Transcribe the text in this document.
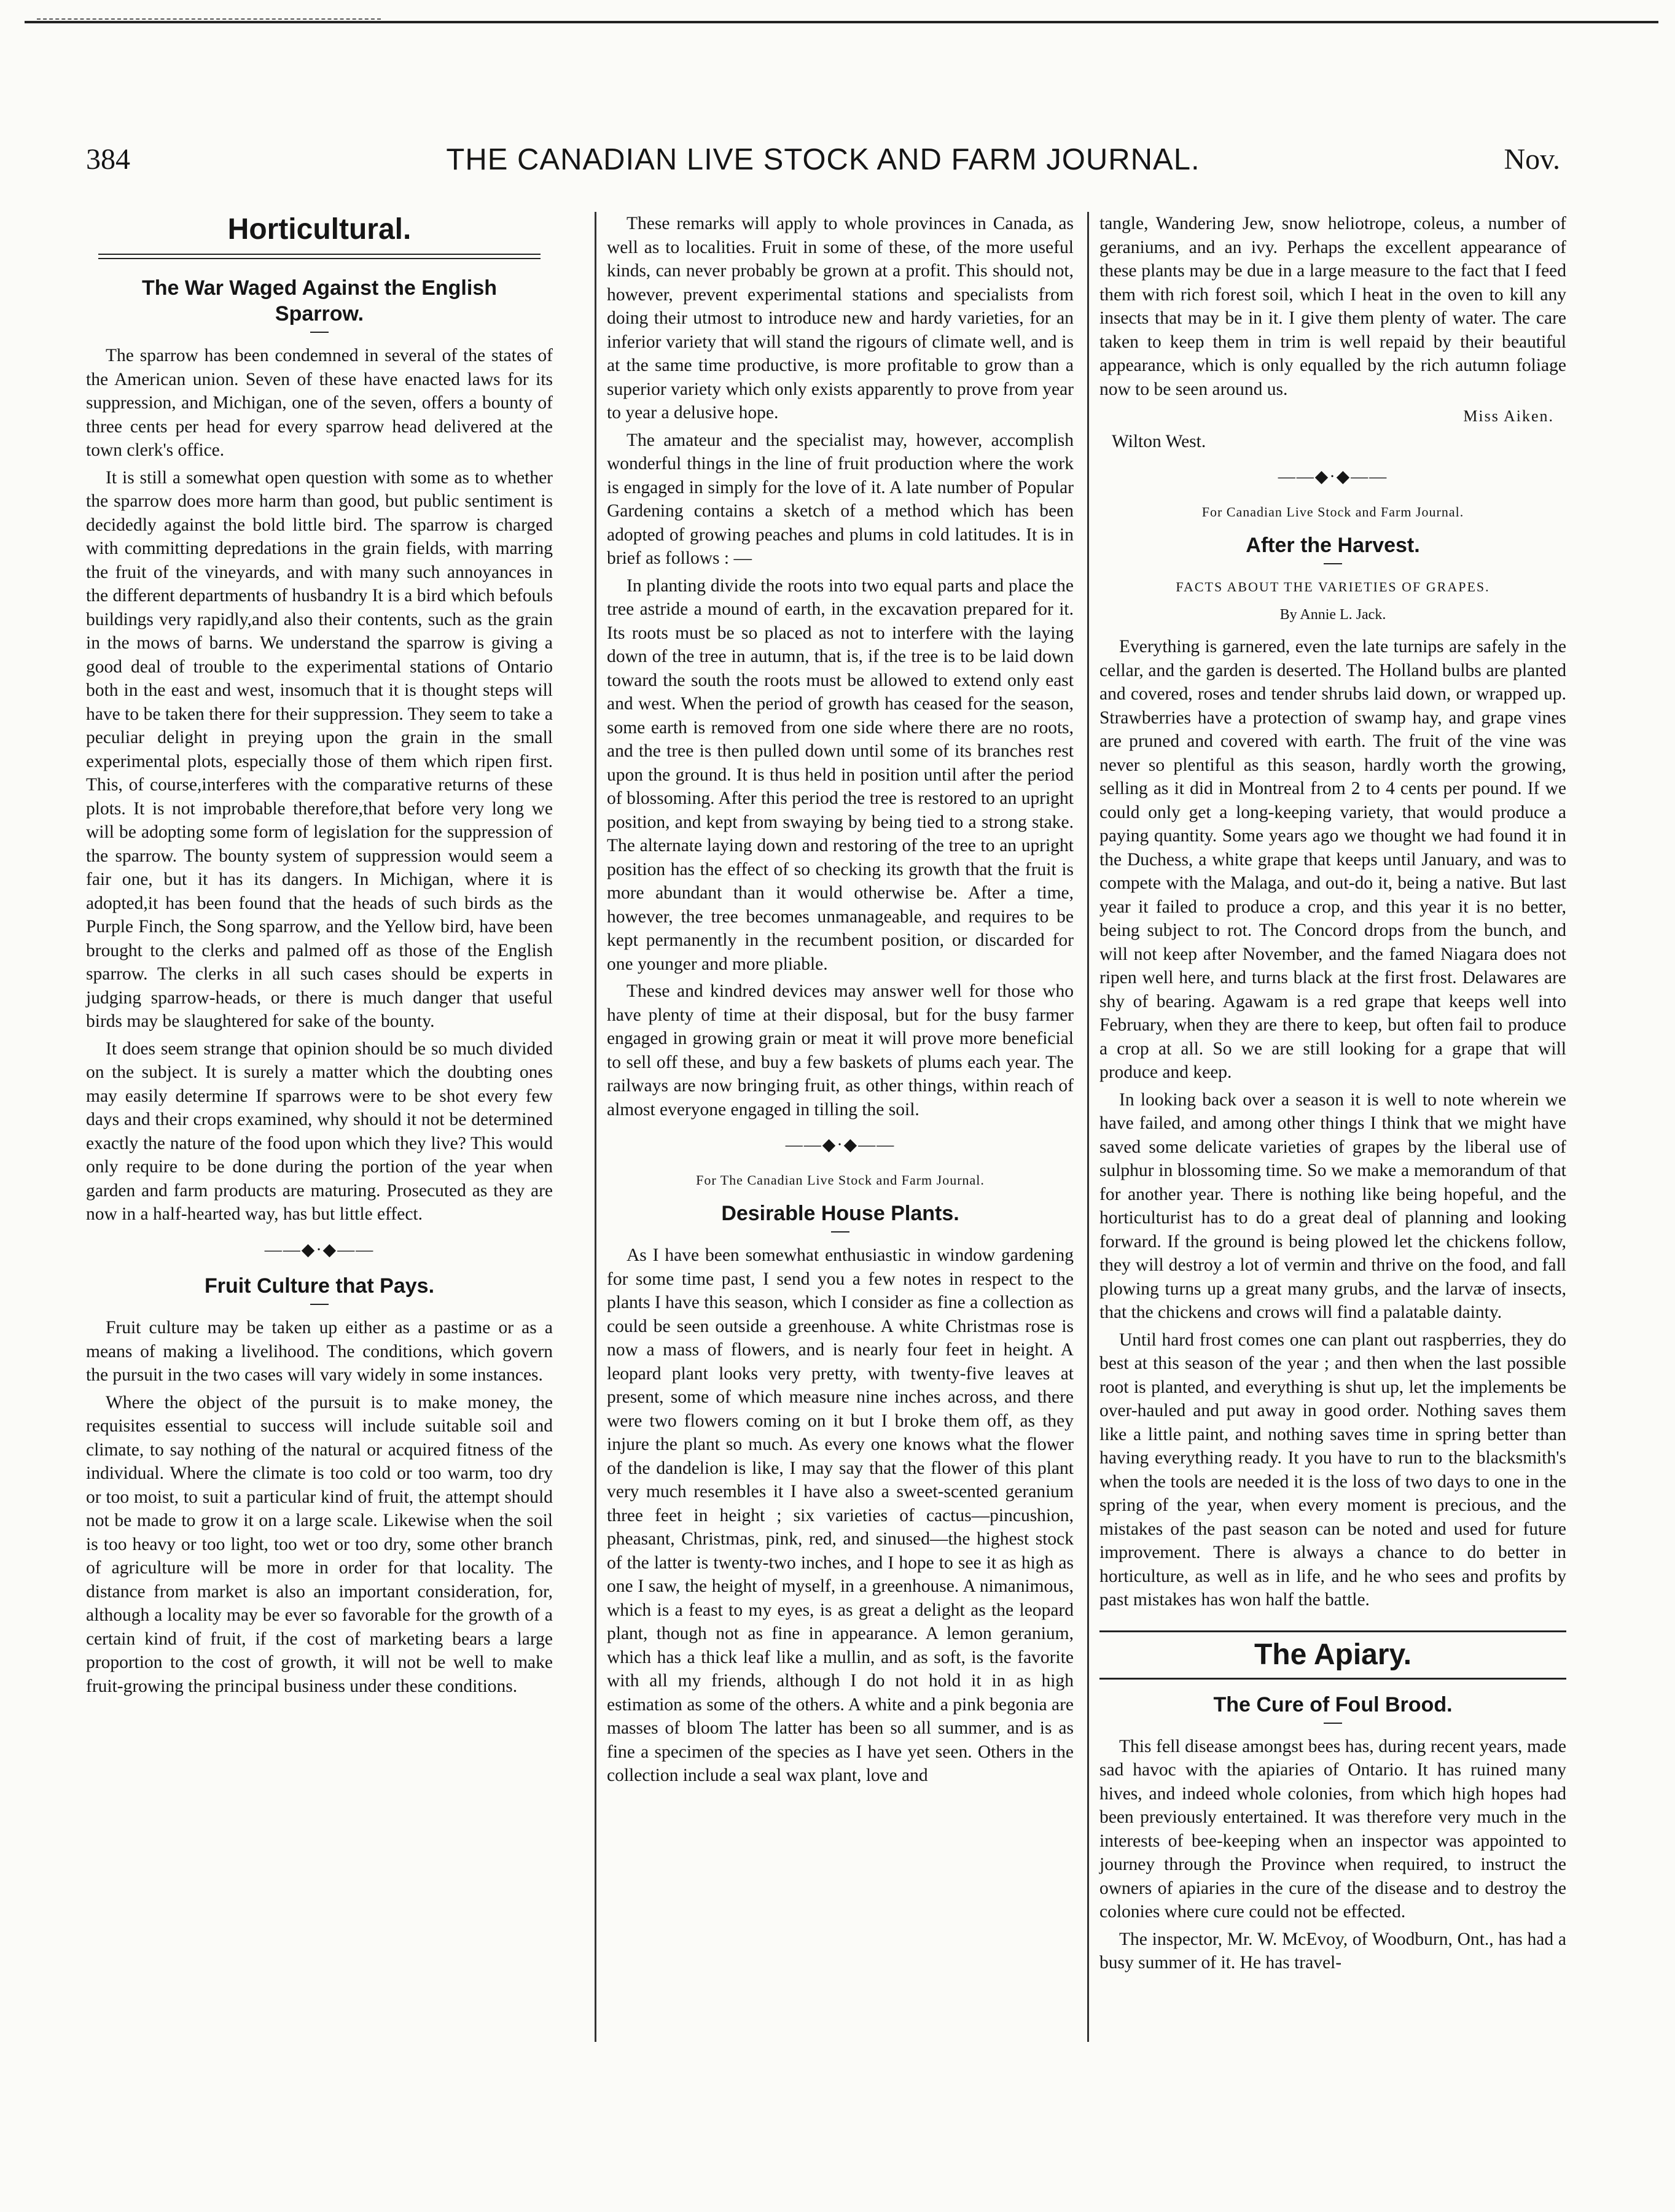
384	THE CANADIAN LIVE STOCK AND FARM JOURNAL.	Nov.
Horticultural.
The War Waged Against the English Sparrow.

The sparrow has been condemned in several of the states of the American union. Seven of these have enacted laws for its suppression, and Michigan, one of the seven, offers a bounty of three cents per head for every sparrow head delivered at the town clerk's office.

It is still a somewhat open question with some as to whether the sparrow does more harm than good, but public sentiment is decidedly against the bold little bird. The sparrow is charged with committing depredations in the grain fields, with marring the fruit of the vineyards, and with many such annoyances in the different departments of husbandry It is a bird which befouls buildings very rapidly,and also their contents, such as the grain in the mows of barns. We understand the sparrow is giving a good deal of trouble to the experimental stations of Ontario both in the east and west, insomuch that it is thought steps will have to be taken there for their suppression. They seem to take a peculiar delight in preying upon the grain in the small experimental plots, especially those of them which ripen first. This, of course,interferes with the comparative returns of these plots. It is not improbable therefore,that before very long we will be adopting some form of legislation for the suppression of the sparrow. The bounty system of suppression would seem a fair one, but it has its dangers. In Michigan, where it is adopted,it has been found that the heads of such birds as the Purple Finch, the Song sparrow, and the Yellow bird, have been brought to the clerks and palmed off as those of the English sparrow. The clerks in all such cases should be experts in judging sparrow-heads, or there is much danger that useful birds may be slaughtered for sake of the bounty.

It does seem strange that opinion should be so much divided on the subject. It is surely a matter which the doubting ones may easily determine If sparrows were to be shot every few days and their crops examined, why should it not be determined exactly the nature of the food upon which they live? This would only require to be done during the portion of the year when garden and farm products are maturing. Prosecuted as they are now in a half-hearted way, has but little effect.

——◆·◆——
Fruit Culture that Pays.

Fruit culture may be taken up either as a pastime or as a means of making a livelihood. The conditions, which govern the pursuit in the two cases will vary widely in some instances.

Where the object of the pursuit is to make money, the requisites essential to success will include suitable soil and climate, to say nothing of the natural or acquired fitness of the individual. Where the climate is too cold or too warm, too dry or too moist, to suit a particular kind of fruit, the attempt should not be made to grow it on a large scale. Likewise when the soil is too heavy or too light, too wet or too dry, some other branch of agriculture will be more in order for that locality. The distance from market is also an important consideration, for, although a locality may be ever so favorable for the growth of a certain kind of fruit, if the cost of marketing bears a large proportion to the cost of growth, it will not be well to make fruit-growing the principal business under these conditions.

These remarks will apply to whole provinces in Canada, as well as to localities. Fruit in some of these, of the more useful kinds, can never probably be grown at a profit. This should not, however, prevent experimental stations and specialists from doing their utmost to introduce new and hardy varieties, for an inferior variety that will stand the rigours of climate well, and is at the same time productive, is more profitable to grow than a superior variety which only exists apparently to prove from year to year a delusive hope.

The amateur and the specialist may, however, accomplish wonderful things in the line of fruit production where the work is engaged in simply for the love of it. A late number of Popular Gardening contains a sketch of a method which has been adopted of growing peaches and plums in cold latitudes. It is in brief as follows : —

In planting divide the roots into two equal parts and place the tree astride a mound of earth, in the excavation prepared for it. Its roots must be so placed as not to interfere with the laying down of the tree in autumn, that is, if the tree is to be laid down toward the south the roots must be allowed to extend only east and west. When the period of growth has ceased for the season, some earth is removed from one side where there are no roots, and the tree is then pulled down until some of its branches rest upon the ground. It is thus held in position until after the period of blossoming. After this period the tree is restored to an upright position, and kept from swaying by being tied to a strong stake. The alternate laying down and restoring of the tree to an upright position has the effect of so checking its growth that the fruit is more abundant than it would otherwise be. After a time, however, the tree becomes unmanageable, and requires to be kept permanently in the recumbent position, or discarded for one younger and more pliable.

These and kindred devices may answer well for those who have plenty of time at their disposal, but for the busy farmer engaged in growing grain or meat it will prove more beneficial to sell off these, and buy a few baskets of plums each year. The railways are now bringing fruit, as other things, within reach of almost everyone engaged in tilling the soil.

——◆·◆——
For The Canadian Live Stock and Farm Journal.
Desirable House Plants.

As I have been somewhat enthusiastic in window gardening for some time past, I send you a few notes in respect to the plants I have this season, which I consider as fine a collection as could be seen outside a greenhouse. A white Christmas rose is now a mass of flowers, and is nearly four feet in height. A leopard plant looks very pretty, with twenty-five leaves at present, some of which measure nine inches across, and there were two flowers coming on it but I broke them off, as they injure the plant so much. As every one knows what the flower of the dandelion is like, I may say that the flower of this plant very much resembles it I have also a sweet-scented geranium three feet in height ; six varieties of cactus—pincushion, pheasant, Christmas, pink, red, and sinused—the highest stock of the latter is twenty-two inches, and I hope to see it as high as one I saw, the height of myself, in a greenhouse. A nimanimous, which is a feast to my eyes, is as great a delight as the leopard plant, though not as fine in appearance. A lemon geranium, which has a thick leaf like a mullin, and as soft, is the favorite with all my friends, although I do not hold it in as high estimation as some of the others. A white and a pink begonia are masses of bloom The latter has been so all summer, and is as fine a specimen of the species as I have yet seen. Others in the collection include a seal wax plant, love and

tangle, Wandering Jew, snow heliotrope, coleus, a number of geraniums, and an ivy. Perhaps the excellent appearance of these plants may be due in a large measure to the fact that I feed them with rich forest soil, which I heat in the oven to kill any insects that may be in it. I give them plenty of water. The care taken to keep them in trim is well repaid by their beautiful appearance, which is only equalled by the rich autumn foliage now to be seen around us.

Miss Aiken.

Wilton West.

——◆·◆——
For Canadian Live Stock and Farm Journal.
After the Harvest.
FACTS ABOUT THE VARIETIES OF GRAPES.
By Annie L. Jack.

Everything is garnered, even the late turnips are safely in the cellar, and the garden is deserted. The Holland bulbs are planted and covered, roses and tender shrubs laid down, or wrapped up. Strawberries have a protection of swamp hay, and grape vines are pruned and covered with earth. The fruit of the vine was never so plentiful as this season, hardly worth the growing, selling as it did in Montreal from 2 to 4 cents per pound. If we could only get a long-keeping variety, that would produce a paying quantity. Some years ago we thought we had found it in the Duchess, a white grape that keeps until January, and was to compete with the Malaga, and out-do it, being a native. But last year it failed to produce a crop, and this year it is no better, being subject to rot. The Concord drops from the bunch, and will not keep after November, and the famed Niagara does not ripen well here, and turns black at the first frost. Delawares are shy of bearing. Agawam is a red grape that keeps well into February, when they are there to keep, but often fail to produce a crop at all. So we are still looking for a grape that will produce and keep.

In looking back over a season it is well to note wherein we have failed, and among other things I think that we might have saved some delicate varieties of grapes by the liberal use of sulphur in blossoming time. So we make a memorandum of that for another year. There is nothing like being hopeful, and the horticulturist has to do a great deal of planning and looking forward. If the ground is being plowed let the chickens follow, they will destroy a lot of vermin and thrive on the food, and fall plowing turns up a great many grubs, and the larvæ of insects, that the chickens and crows will find a palatable dainty.

Until hard frost comes one can plant out raspberries, they do best at this season of the year ; and then when the last possible root is planted, and everything is shut up, let the implements be over-hauled and put away in good order. Nothing saves them like a little paint, and nothing saves time in spring better than having everything ready. It you have to run to the blacksmith's when the tools are needed it is the loss of two days to one in the spring of the year, when every moment is precious, and the mistakes of the past season can be noted and used for future improvement. There is always a chance to do better in horticulture, as well as in life, and he who sees and profits by past mistakes has won half the battle.

The Apiary.
The Cure of Foul Brood.

This fell disease amongst bees has, during recent years, made sad havoc with the apiaries of Ontario. It has ruined many hives, and indeed whole colonies, from which high hopes had been previously entertained. It was therefore very much in the interests of bee-keeping when an inspector was appointed to journey through the Province when required, to instruct the owners of apiaries in the cure of the disease and to destroy the colonies where cure could not be effected.

The inspector, Mr. W. McEvoy, of Woodburn, Ont., has had a busy summer of it. He has travel-
